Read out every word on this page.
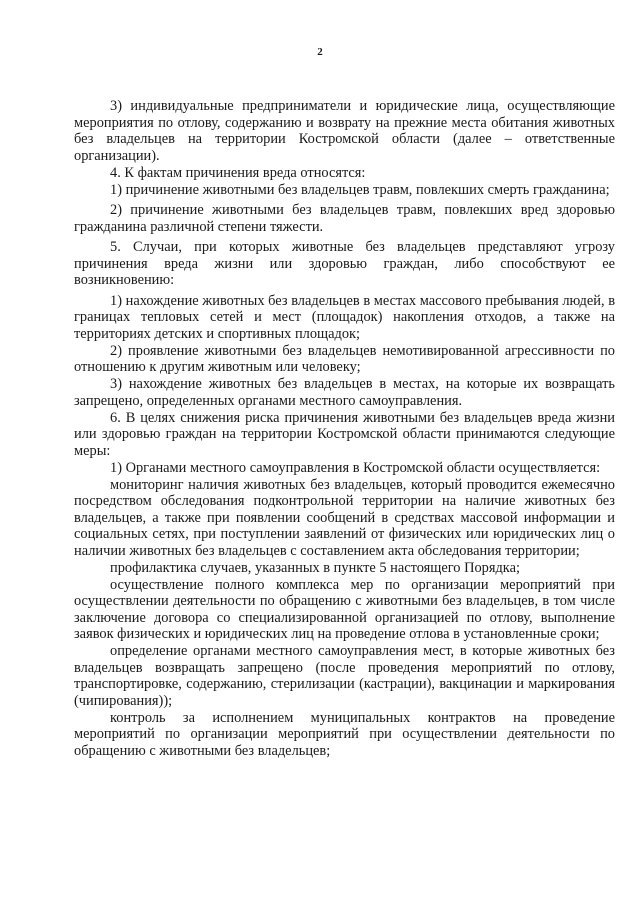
2

3) индивидуальные предприниматели и юридические лица, осуществляющие мероприятия по отлову, содержанию и возврату на прежние места обитания животных без владельцев на территории Костромской области (далее – ответственные организации).

4. К фактам причинения вреда относятся:

1) причинение животными без владельцев травм, повлекших смерть гражданина;

2) причинение животными без владельцев травм, повлекших вред здоровью гражданина различной степени тяжести.

5. Случаи, при которых животные без владельцев представляют угрозу причинения вреда жизни или здоровью граждан, либо способствуют ее возникновению:

1) нахождение животных без владельцев в местах массового пребывания людей, в границах тепловых сетей и мест (площадок) накопления отходов, а также на территориях детских и спортивных площадок;

2) проявление животными без владельцев немотивированной агрессивности по отношению к другим животным или человеку;

3) нахождение животных без владельцев в местах, на которые их возвращать запрещено, определенных органами местного самоуправления.

6. В целях снижения риска причинения животными без владельцев вреда жизни или здоровью граждан на территории Костромской области принимаются следующие меры:

1) Органами местного самоуправления в Костромской области осуществляется:

мониторинг наличия животных без владельцев, который проводится ежемесячно посредством обследования подконтрольной территории на наличие животных без владельцев, а также при появлении сообщений в средствах массовой информации и социальных сетях, при поступлении заявлений от физических или юридических лиц о наличии животных без владельцев с составлением акта обследования территории;

профилактика случаев, указанных в пункте 5 настоящего Порядка;

осуществление полного комплекса мер по организации мероприятий при осуществлении деятельности по обращению с животными без владельцев, в том числе заключение договора со специализированной организацией по отлову, выполнение заявок физических и юридических лиц на проведение отлова в установленные сроки;

определение органами местного самоуправления мест, в которые животных без владельцев возвращать запрещено (после проведения мероприятий по отлову, транспортировке, содержанию, стерилизации (кастрации), вакцинации и маркирования (чипирования));

контроль за исполнением муниципальных контрактов на проведение мероприятий по организации мероприятий при осуществлении деятельности по обращению с животными без владельцев;
